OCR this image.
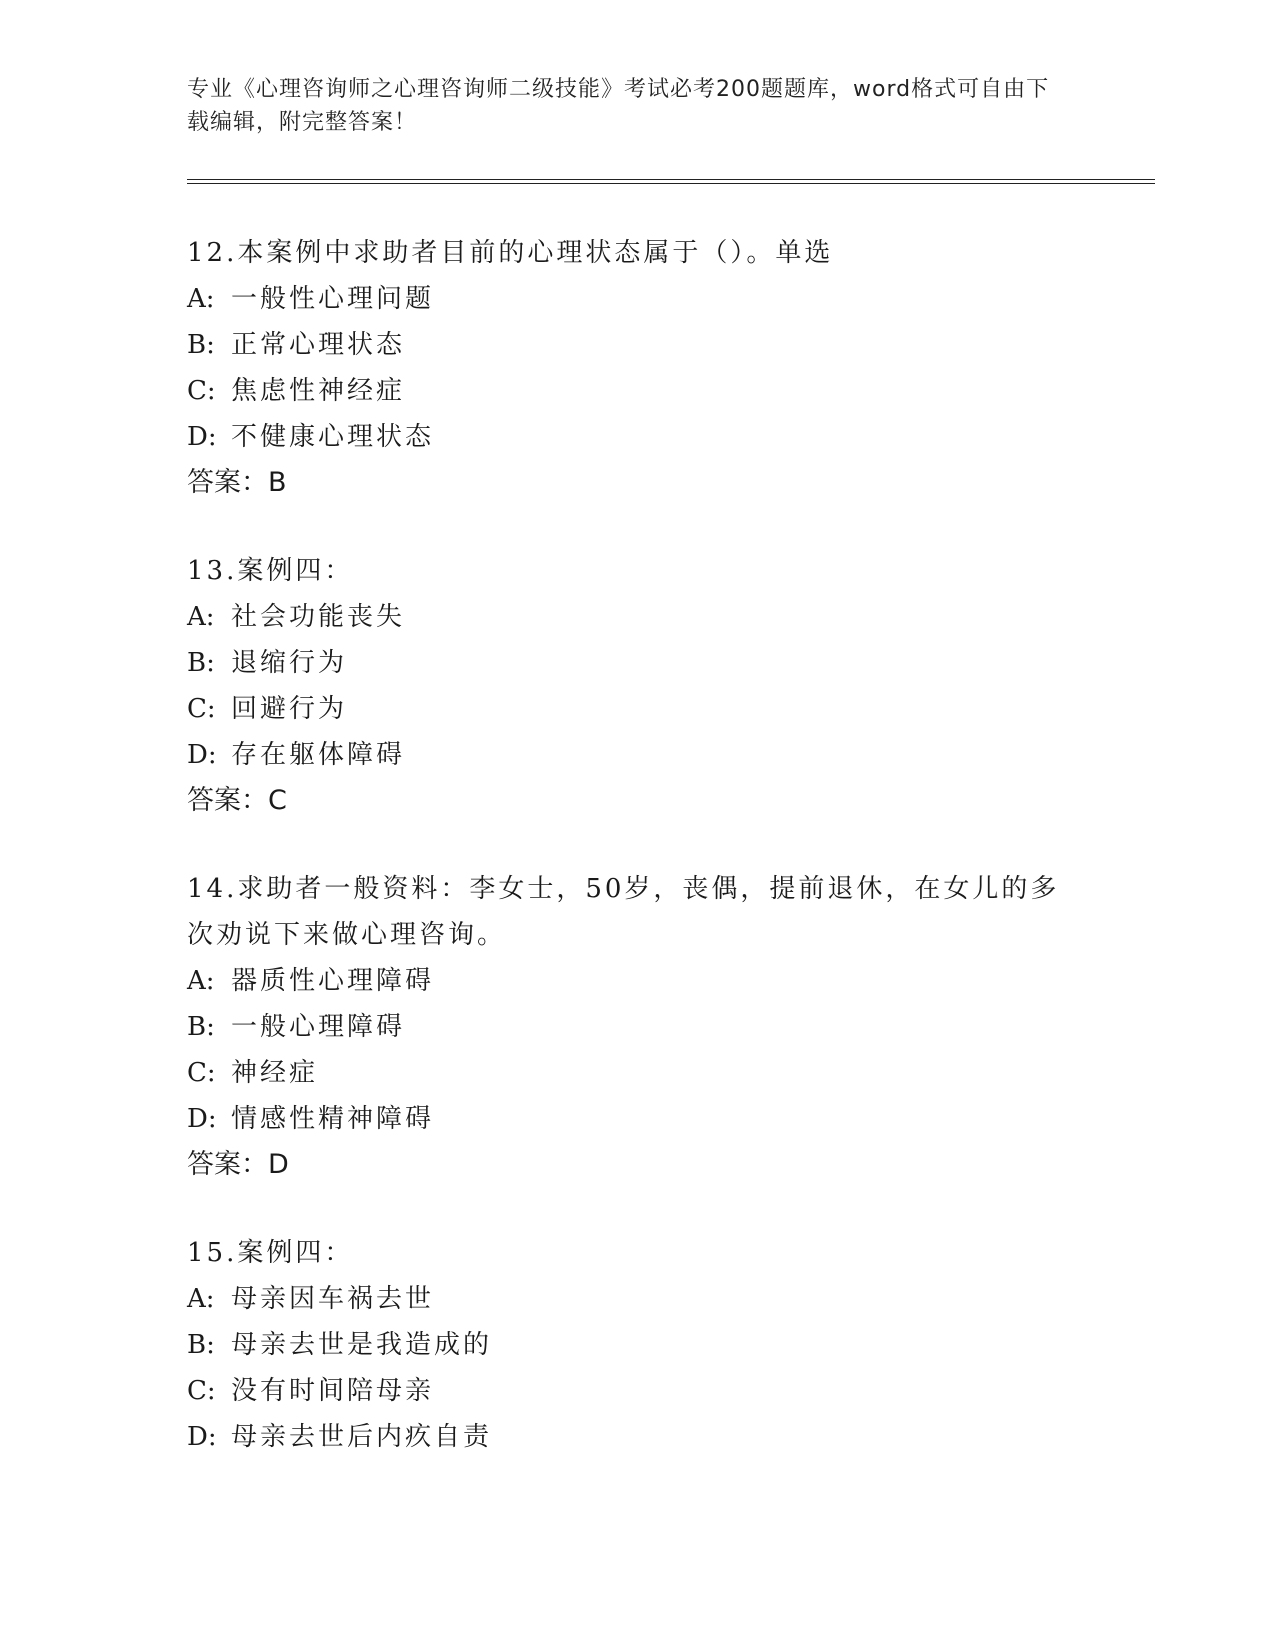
专业《心理咨询师之心理咨询师二级技能》考试必考200题题库，word格式可自由下载编辑，附完整答案！

12.本案例中求助者目前的心理状态属于（）。单选

A: 一般性心理问题

B: 正常心理状态

C: 焦虑性神经症

D: 不健康心理状态

答案：B

13.案例四：

A: 社会功能丧失

B: 退缩行为

C: 回避行为

D: 存在躯体障碍

答案：C

14.求助者一般资料：李女士，50岁，丧偶，提前退休，在女儿的多次劝说下来做心理咨询。

A: 器质性心理障碍

B: 一般心理障碍

C: 神经症

D: 情感性精神障碍

答案：D

15.案例四：

A: 母亲因车祸去世

B: 母亲去世是我造成的

C: 没有时间陪母亲

D: 母亲去世后内疚自责
